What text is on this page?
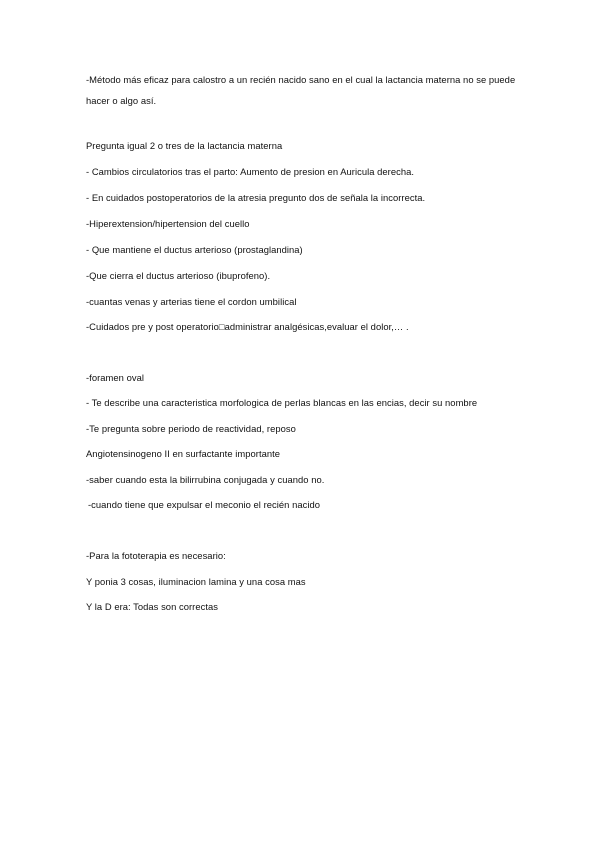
-Método más eficaz para calostro a un recién nacido sano en el cual la lactancia materna no se puede hacer o algo así.
Pregunta igual 2 o tres de la lactancia materna
- Cambios circulatorios tras el parto: Aumento de presion en Auricula derecha.
- En cuidados postoperatorios de la atresia pregunto dos de señala la incorrecta.
-Hiperextension/hipertension del cuello
- Que mantiene el ductus arterioso (prostaglandina)
-Que cierra el ductus arterioso (ibuprofeno).
-cuantas venas y arterias tiene el cordon umbilical
-Cuidados pre y post operatorio□administrar analgésicas,evaluar el dolor,… .
-foramen oval
- Te describe una caracteristica morfologica de perlas blancas en las encias, decir su nombre
-Te pregunta sobre periodo de reactividad, reposo
Angiotensinogeno II en surfactante importante
-saber cuando esta la bilirrubina conjugada y cuando no.
-cuando tiene que expulsar el meconio el recién nacido
-Para la fototerapia es necesario:
Y ponia 3 cosas, iluminacion lamina y una cosa mas
Y la D era: Todas son correctas
